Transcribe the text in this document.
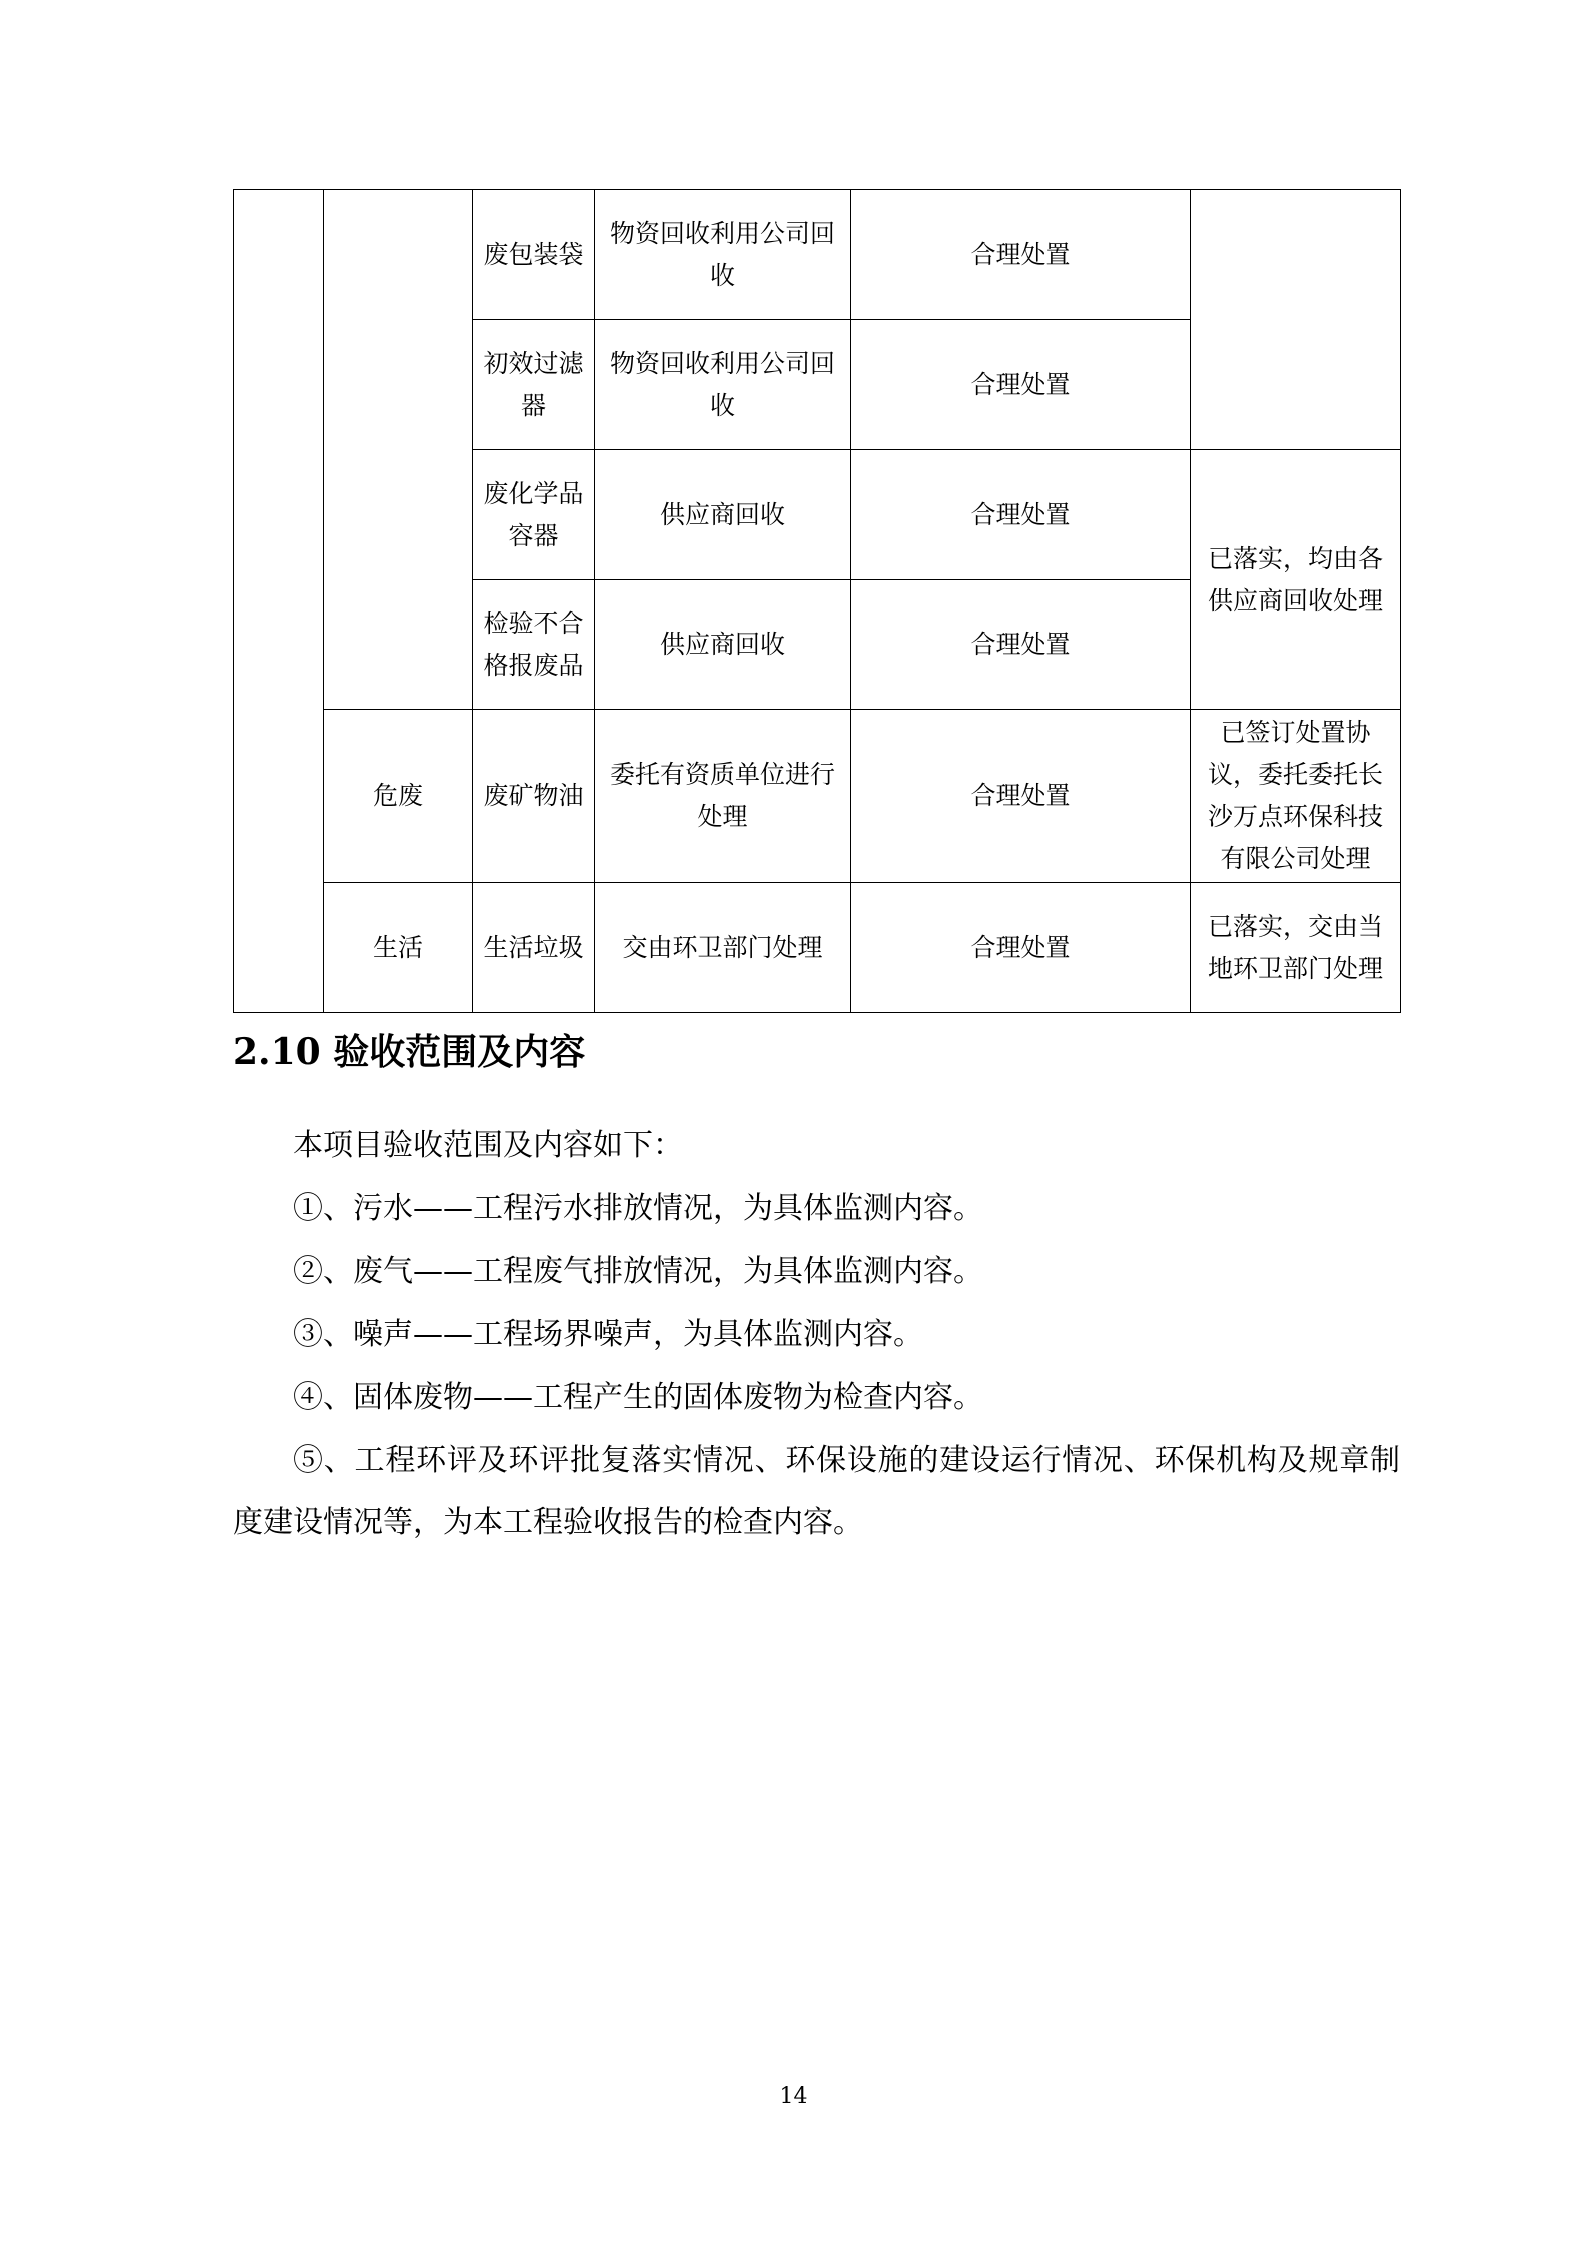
		废包装袋	物资回收利用公司回收	合理处置	
		初效过滤器	物资回收利用公司回收	合理处置	
		废化学品容器	供应商回收	合理处置	已落实，均由各供应商回收处理
		检验不合格报废品	供应商回收	合理处置	
	危废	废矿物油	委托有资质单位进行处理	合理处置	已签订处置协议，委托委托长沙万点环保科技有限公司处理
	生活	生活垃圾	交由环卫部门处理	合理处置	已落实，交由当地环卫部门处理
2.10 验收范围及内容

本项目验收范围及内容如下：

①、污水——工程污水排放情况，为具体监测内容。

②、废气——工程废气排放情况，为具体监测内容。

③、噪声——工程场界噪声，为具体监测内容。

④、固体废物——工程产生的固体废物为检查内容。

⑤、工程环评及环评批复落实情况、环保设施的建设运行情况、环保机构及规章制度建设情况等，为本工程验收报告的检查内容。

14
